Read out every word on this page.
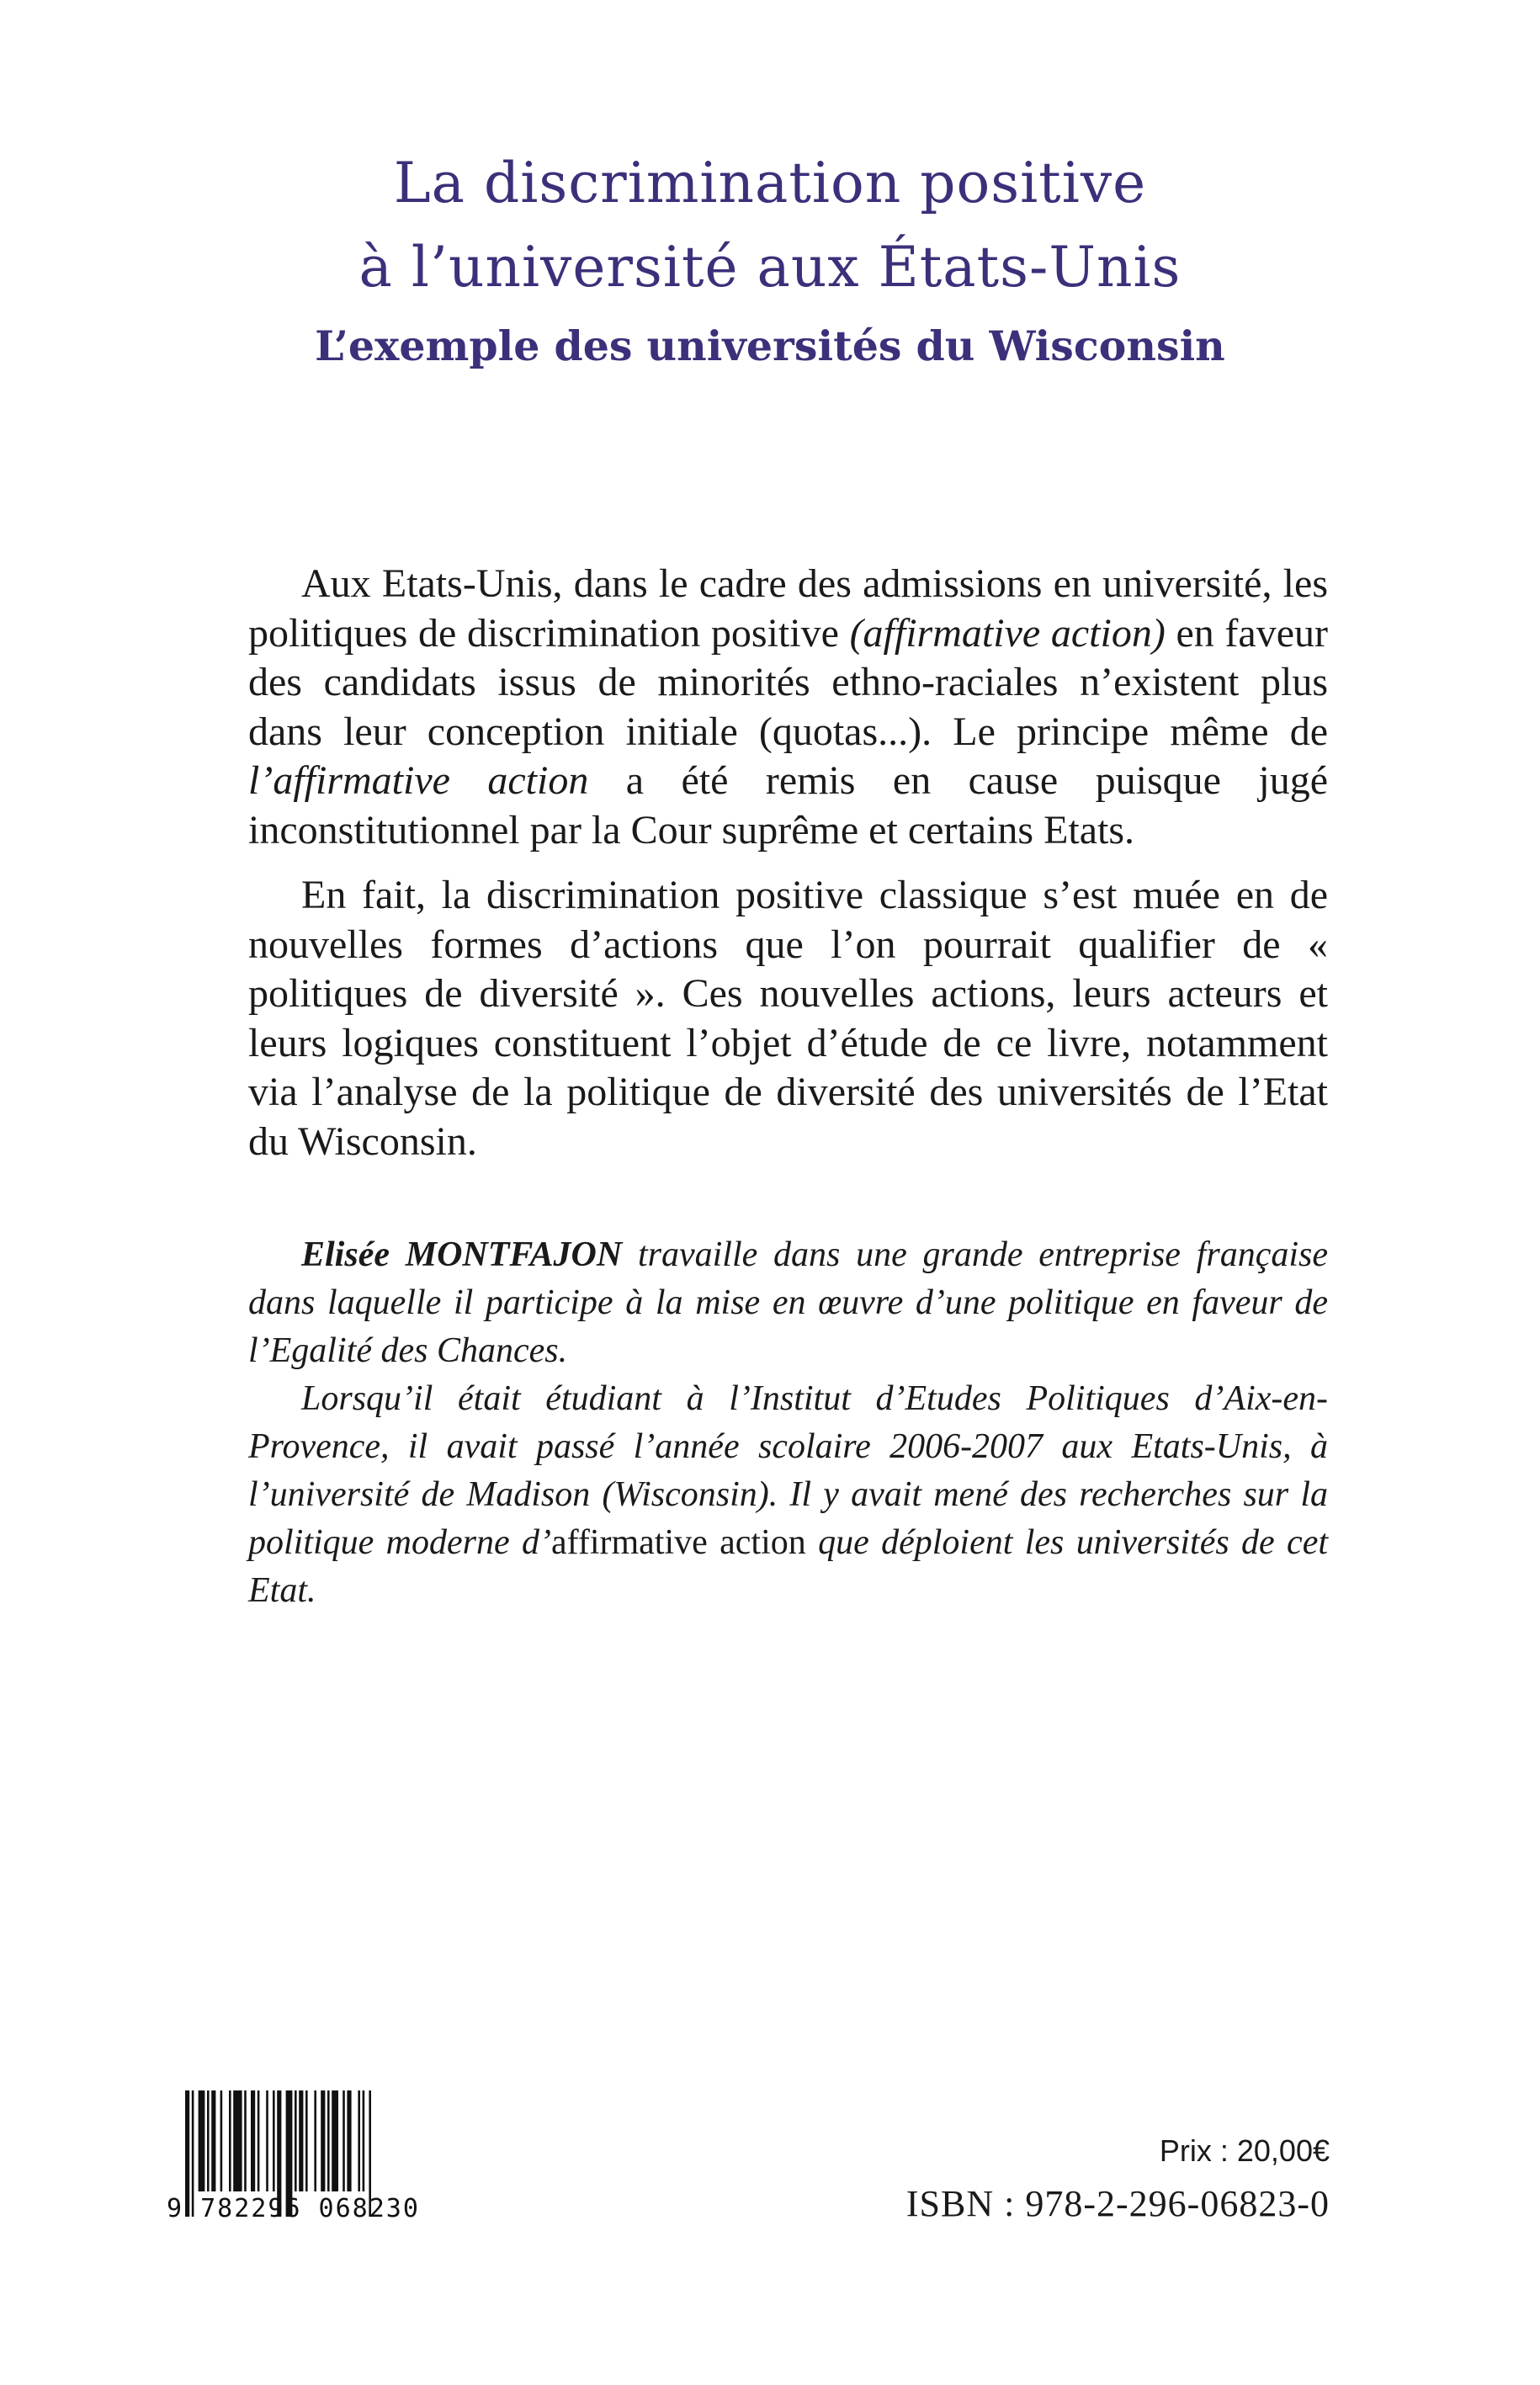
La discrimination positive
à l’université aux États-Unis
L’exemple des universités du Wisconsin

Aux Etats-Unis, dans le cadre des admissions en université, les politiques de discrimination positive (affirmative action) en faveur des candidats issus de minorités ethno-raciales n’existent plus dans leur conception initiale (quotas...). Le principe même de l’affirmative action a été remis en cause puisque jugé inconstitutionnel par la Cour suprême et certains Etats.

En fait, la discrimination positive classique s’est muée en de nouvelles formes d’actions que l’on pourrait qualifier de « politiques de diversité ». Ces nouvelles actions, leurs acteurs et leurs logiques constituent l’objet d’étude de ce livre, notamment via l’analyse de la politique de diversité des universités de l’Etat du Wisconsin.

Elisée MONTFAJON travaille dans une grande entreprise française dans laquelle il participe à la mise en œuvre d’une politique en faveur de l’Egalité des Chances.

Lorsqu’il était étudiant à l’Institut d’Etudes Politiques d’Aix-en-Provence, il avait passé l’année scolaire 2006-2007 aux Etats-Unis, à l’université de Madison (Wisconsin). Il y avait mené des recherches sur la politique moderne d’affirmative action que déploient les universités de cet Etat.

9 782296 068230
Prix : 20,00€
ISBN : 978-2-296-06823-0
